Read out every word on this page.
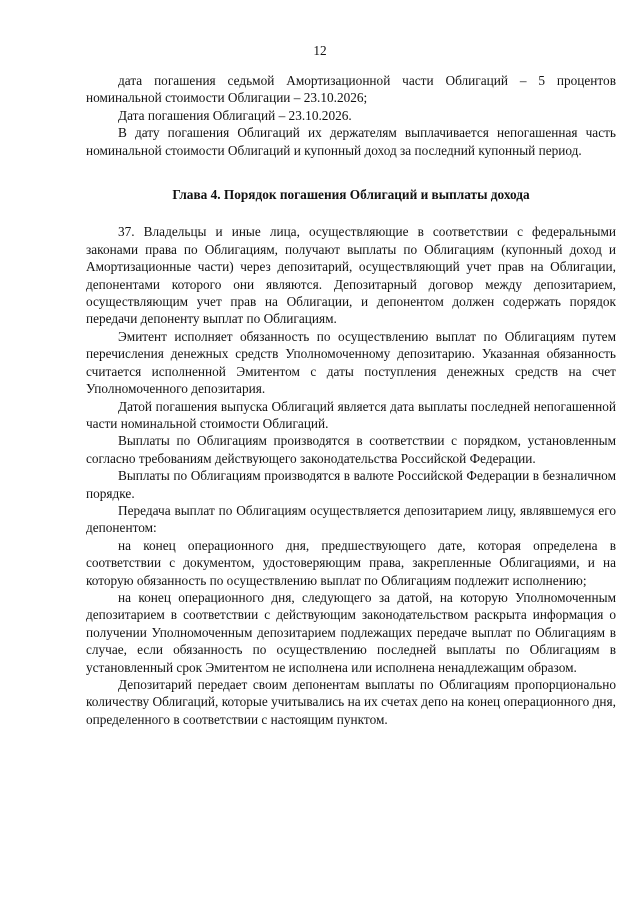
12

дата погашения седьмой Амортизационной части Облигаций – 5 процентов номинальной стоимости Облигации – 23.10.2026;

Дата погашения Облигаций – 23.10.2026.

В дату погашения Облигаций их держателям выплачивается непогашенная часть номинальной стоимости Облигаций и купонный доход за последний купонный период.

Глава 4. Порядок погашения Облигаций и выплаты дохода

37. Владельцы и иные лица, осуществляющие в соответствии с федеральными законами права по Облигациям, получают выплаты по Облигациям (купонный доход и Амортизационные части) через депозитарий, осуществляющий учет прав на Облигации, депонентами которого они являются. Депозитарный договор между депозитарием, осуществляющим учет прав на Облигации, и депонентом должен содержать порядок передачи депоненту выплат по Облигациям.

Эмитент исполняет обязанность по осуществлению выплат по Облигациям путем перечисления денежных средств Уполномоченному депозитарию. Указанная обязанность считается исполненной Эмитентом с даты поступления денежных средств на счет Уполномоченного депозитария.

Датой погашения выпуска Облигаций является дата выплаты последней непогашенной части номинальной стоимости Облигаций.

Выплаты по Облигациям производятся в соответствии с порядком, установленным согласно требованиям действующего законодательства Российской Федерации.

Выплаты по Облигациям производятся в валюте Российской Федерации в безналичном порядке.

Передача выплат по Облигациям осуществляется депозитарием лицу, являвшемуся его депонентом:

на конец операционного дня, предшествующего дате, которая определена в соответствии с документом, удостоверяющим права, закрепленные Облигациями, и на которую обязанность по осуществлению выплат по Облигациям подлежит исполнению;

на конец операционного дня, следующего за датой, на которую Уполномоченным депозитарием в соответствии с действующим законодательством раскрыта информация о получении Уполномоченным депозитарием подлежащих передаче выплат по Облигациям в случае, если обязанность по осуществлению последней выплаты по Облигациям в установленный срок Эмитентом не исполнена или исполнена ненадлежащим образом.

Депозитарий передает своим депонентам выплаты по Облигациям пропорционально количеству Облигаций, которые учитывались на их счетах депо на конец операционного дня, определенного в соответствии с настоящим пунктом.
